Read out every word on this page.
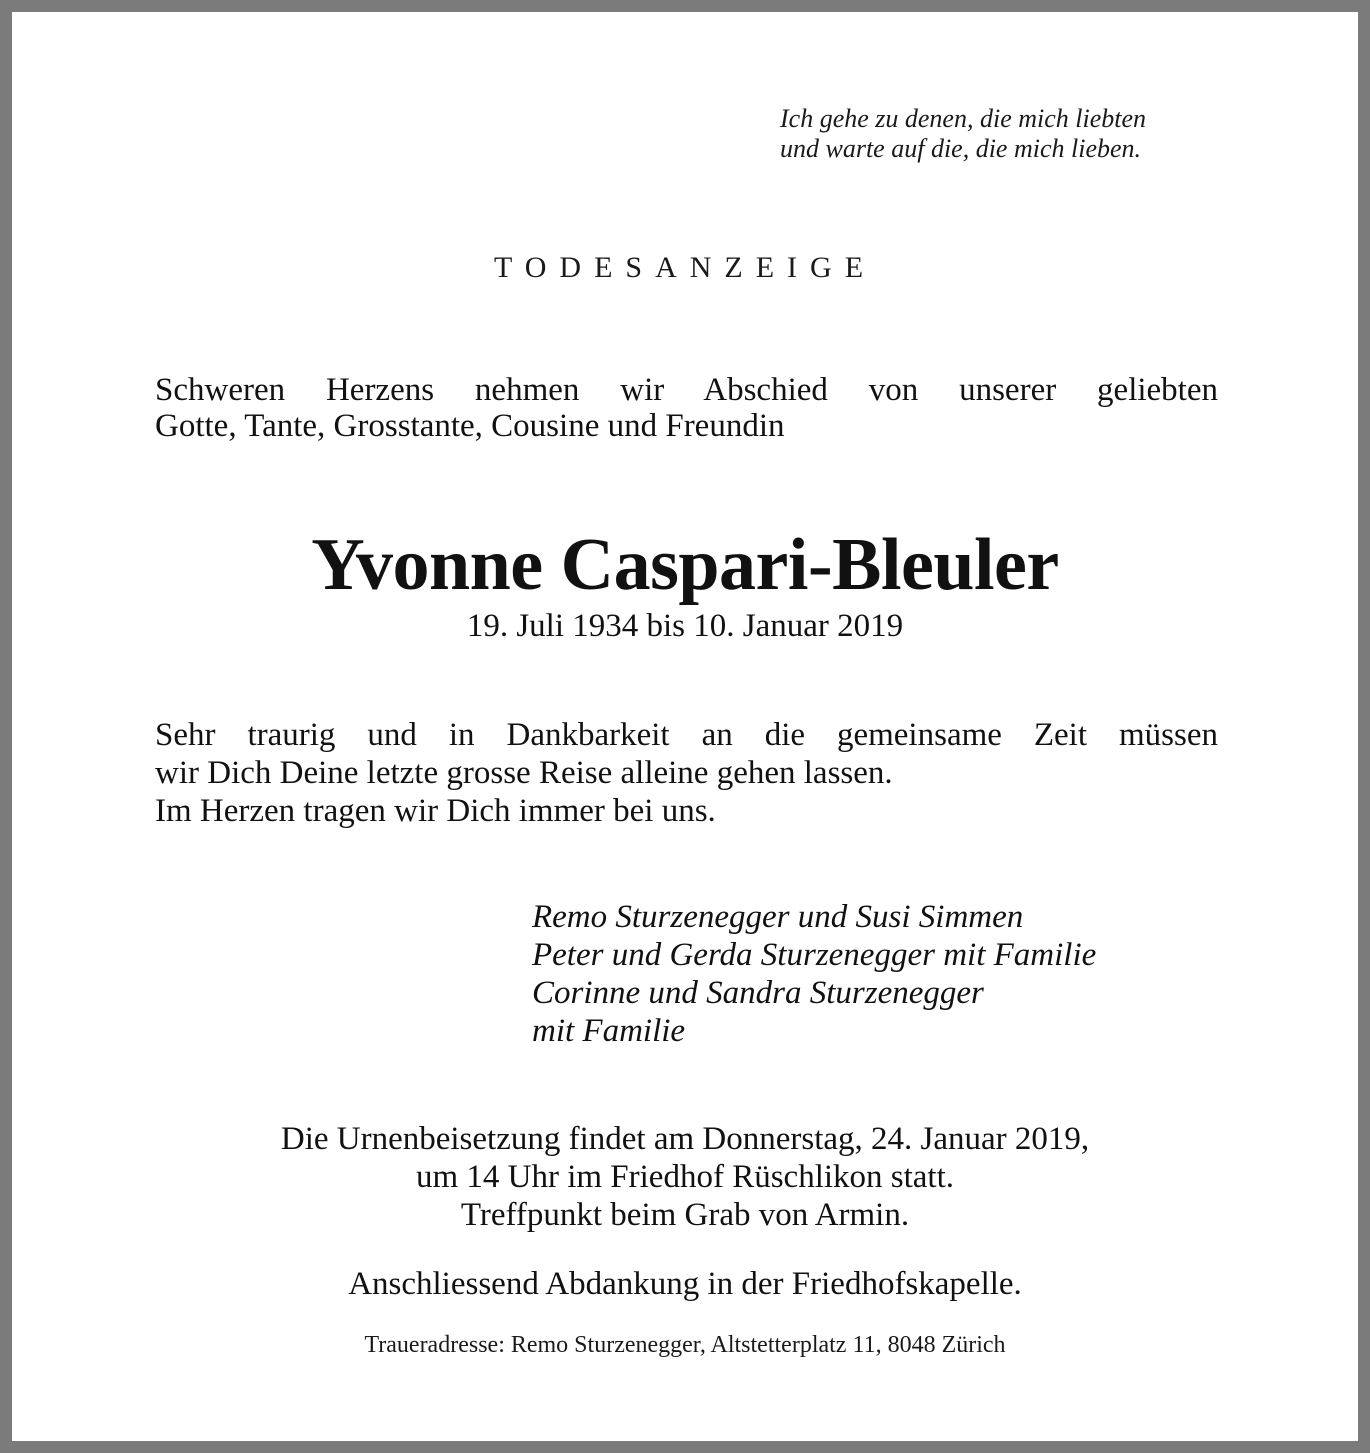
Ich gehe zu denen, die mich liebten
und warte auf die, die mich lieben.
TODESANZEIGE
Schweren Herzens nehmen wir Abschied von unserer geliebten
Gotte, Tante, Grosstante, Cousine und Freundin
Yvonne Caspari-Bleuler
19. Juli 1934 bis 10. Januar 2019
Sehr traurig und in Dankbarkeit an die gemeinsame Zeit müssen
wir Dich Deine letzte grosse Reise alleine gehen lassen.
Im Herzen tragen wir Dich immer bei uns.
Remo Sturzenegger und Susi Simmen
Peter und Gerda Sturzenegger mit Familie
Corinne und Sandra Sturzenegger
mit Familie
Die Urnenbeisetzung findet am Donnerstag, 24. Januar 2019,
um 14 Uhr im Friedhof Rüschlikon statt.
Treffpunkt beim Grab von Armin.
Anschliessend Abdankung in der Friedhofskapelle.
Traueradresse: Remo Sturzenegger, Altstetterplatz 11, 8048 Zürich
